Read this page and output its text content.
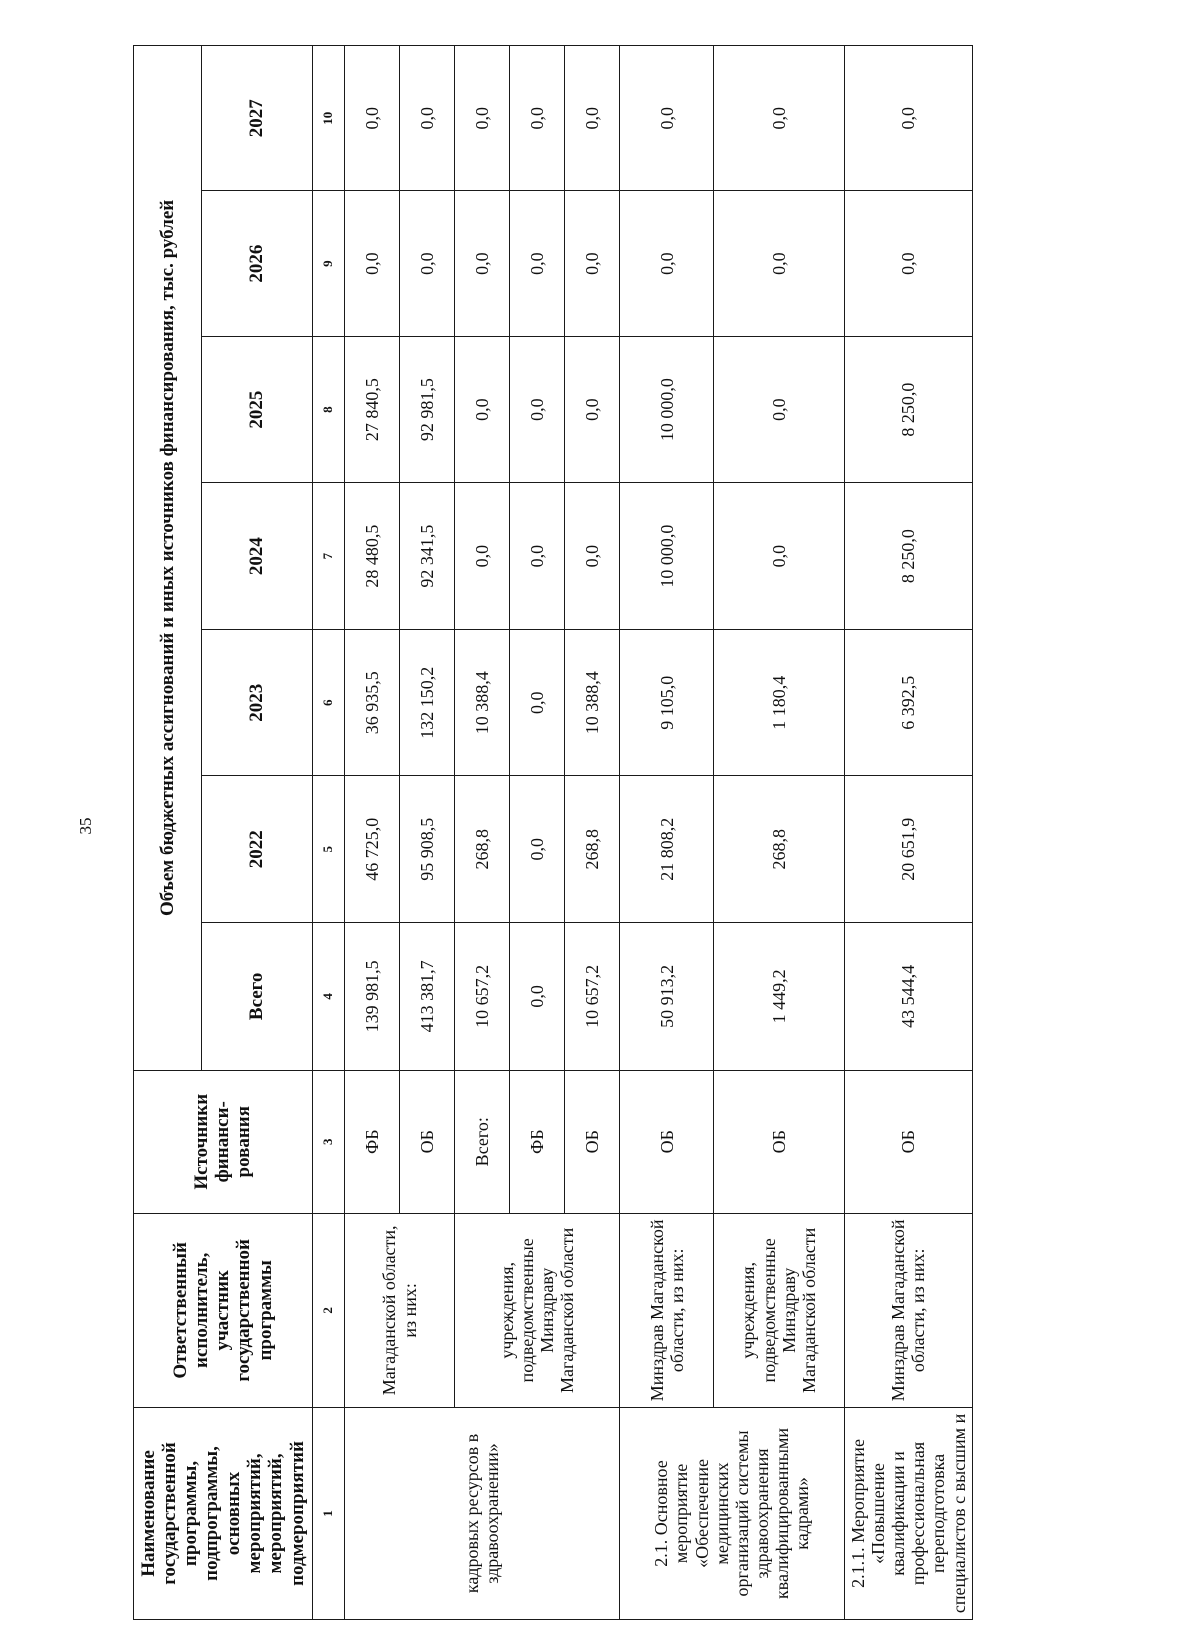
35
Наименование государственной программы, подпрограммы, основных мероприятий, мероприятий, подмероприятий	Ответственный исполнитель, участник государственной программы	Источники финанси-рования	Объем бюджетных ассигнований и иных источников финансирования, тыс. рублей						
			Всего	2022	2023	2024	2025	2026	2027
1	2	3	4	5	6	7	8	9	10
кадровых ресурсов в здравоохранении»	Магаданской области, из них:	ФБ	139 981,5	46 725,0	36 935,5	28 480,5	27 840,5	0,0	0,0
		ОБ	413 381,7	95 908,5	132 150,2	92 341,5	92 981,5	0,0	0,0
	учреждения, подведомственные Минздраву Магаданской области	Всего:	10 657,2	268,8	10 388,4	0,0	0,0	0,0	0,0
		ФБ	0,0	0,0	0,0	0,0	0,0	0,0	0,0
		ОБ	10 657,2	268,8	10 388,4	0,0	0,0	0,0	0,0
2.1. Основное мероприятие «Обеспечение медицинских организаций системы здравоохранения квалифицированными кадрами»	Минздрав Магаданской области, из них:	ОБ	50 913,2	21 808,2	9 105,0	10 000,0	10 000,0	0,0	0,0
	учреждения, подведомственные Минздраву Магаданской области	ОБ	1 449,2	268,8	1 180,4	0,0	0,0	0,0	0,0
2.1.1. Мероприятие «Повышение квалификации и профессиональная переподготовка специалистов с высшим и	Минздрав Магаданской области, из них:	ОБ	43 544,4	20 651,9	6 392,5	8 250,0	8 250,0	0,0	0,0
